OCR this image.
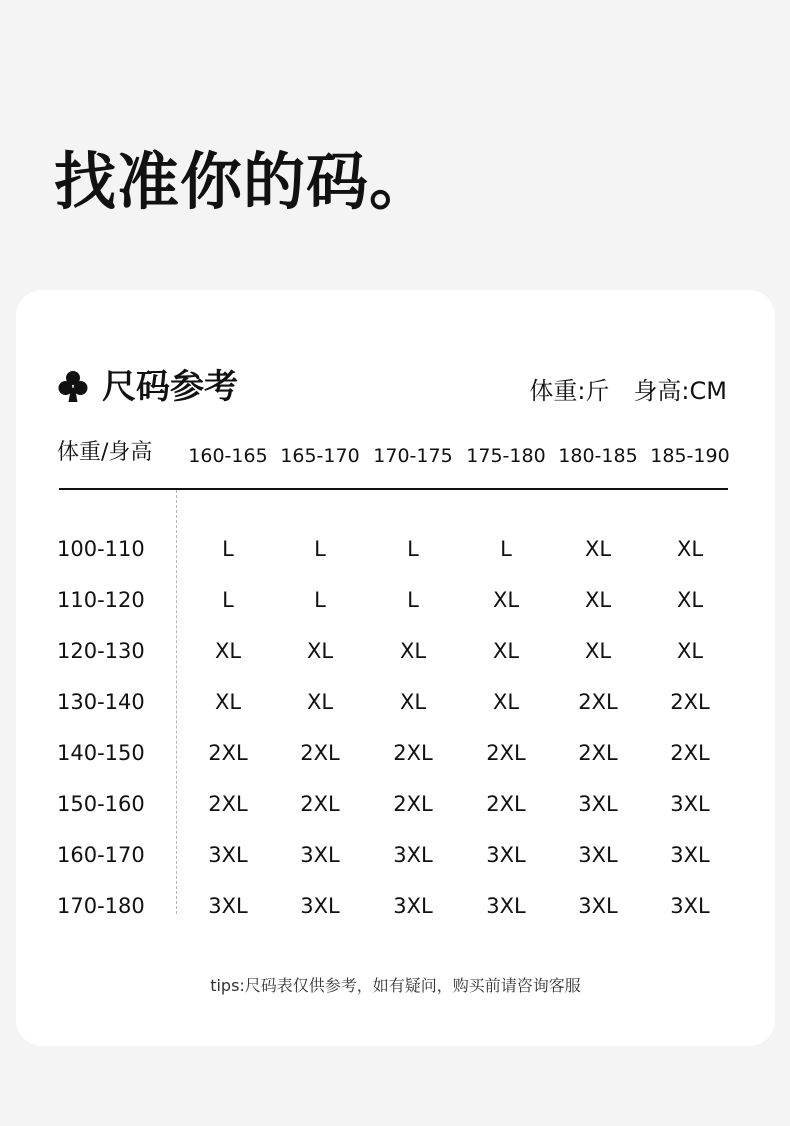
找准你的码。
尺码参考	体重:斤 身高:CM
体重/身高	160-165 165-170 170-175 175-180 180-185 185-190
100-110	L	L	L	L	XL	XL
110-120	L	L	L	XL	XL	XL
120-130	XL	XL	XL	XL	XL	XL
130-140	XL	XL	XL	XL	2XL	2XL
140-150	2XL	2XL	2XL	2XL	2XL	2XL
150-160	2XL	2XL	2XL	2XL	3XL	3XL
160-170	3XL	3XL	3XL	3XL	3XL	3XL
170-180	3XL	3XL	3XL	3XL	3XL	3XL
tips:尺码表仅供参考，如有疑问，购买前请咨询客服
